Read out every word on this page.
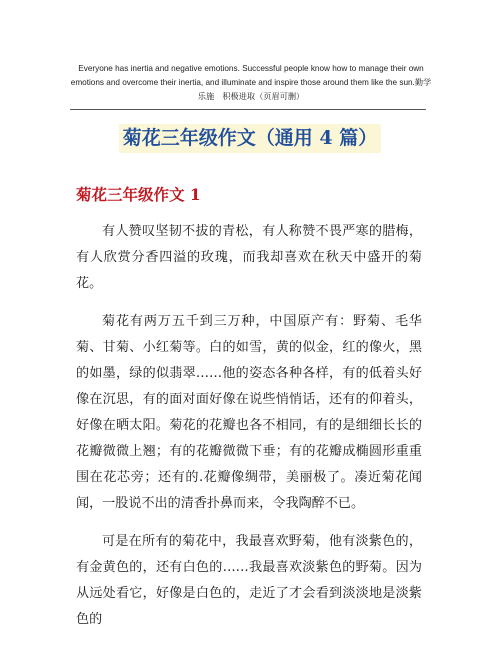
Everyone has inertia and negative emotions. Successful people know how to manage their own emotions and overcome their inertia, and illuminate and inspire those around them like the sun.勤学乐施　积极进取（页眉可删）
菊花三年级作文（通用 4 篇）
菊花三年级作文 1

有人赞叹坚韧不拔的青松，有人称赞不畏严寒的腊梅，有人欣赏分香四溢的玫瑰，而我却喜欢在秋天中盛开的菊花。

菊花有两万五千到三万种，中国原产有：野菊、毛华菊、甘菊、小红菊等。白的如雪，黄的似金，红的像火，黑的如墨，绿的似翡翠……他的姿态各种各样，有的低着头好像在沉思，有的面对面好像在说些悄悄话，还有的仰着头，好像在晒太阳。菊花的花瓣也各不相同，有的是细细长长的花瓣微微上翘；有的花瓣微微下垂；有的花瓣成椭圆形重重围在花芯旁；还有的.花瓣像绸带，美丽极了。凑近菊花闻闻，一股说不出的清香扑鼻而来，令我陶醉不已。

可是在所有的菊花中，我最喜欢野菊，他有淡紫色的，有金黄色的，还有白色的……我最喜欢淡紫色的野菊。因为从远处看它，好像是白色的，走近了才会看到淡淡地是淡紫色的
